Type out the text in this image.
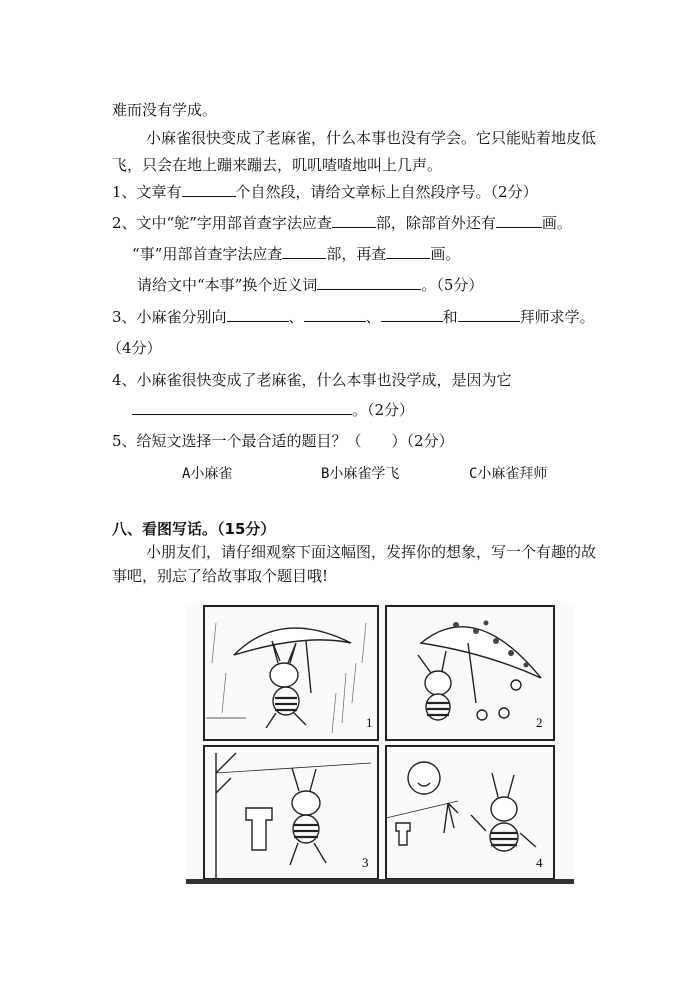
难而没有学成。
小麻雀很快变成了老麻雀，什么本事也没有学会。它只能贴着地皮低
飞，只会在地上蹦来蹦去，叽叽喳喳地叫上几声。
1、文章有	个自然段，请给文章标上自然段序号。（2分）
2、文中“鸵”字用部首查字法应查	部，除部首外还有	画。
“事”用部首查字法应查	部，再查	画。
请给文中“本事”换个近义词	。（5分）
3、小麻雀分别向	、	、	和	拜师求学。
（4分）
4、小麻雀很快变成了老麻雀，什么本事也没学成，是因为它
。（2分）
5、给短文选择一个最合适的题目？（　　）（2分）
A小麻雀	B小麻雀学飞	C小麻雀拜师
八、看图写话。（15分）
小朋友们，请仔细观察下面这幅图，发挥你的想象，写一个有趣的故
事吧，别忘了给故事取个题目哦!
1	2
3	4
